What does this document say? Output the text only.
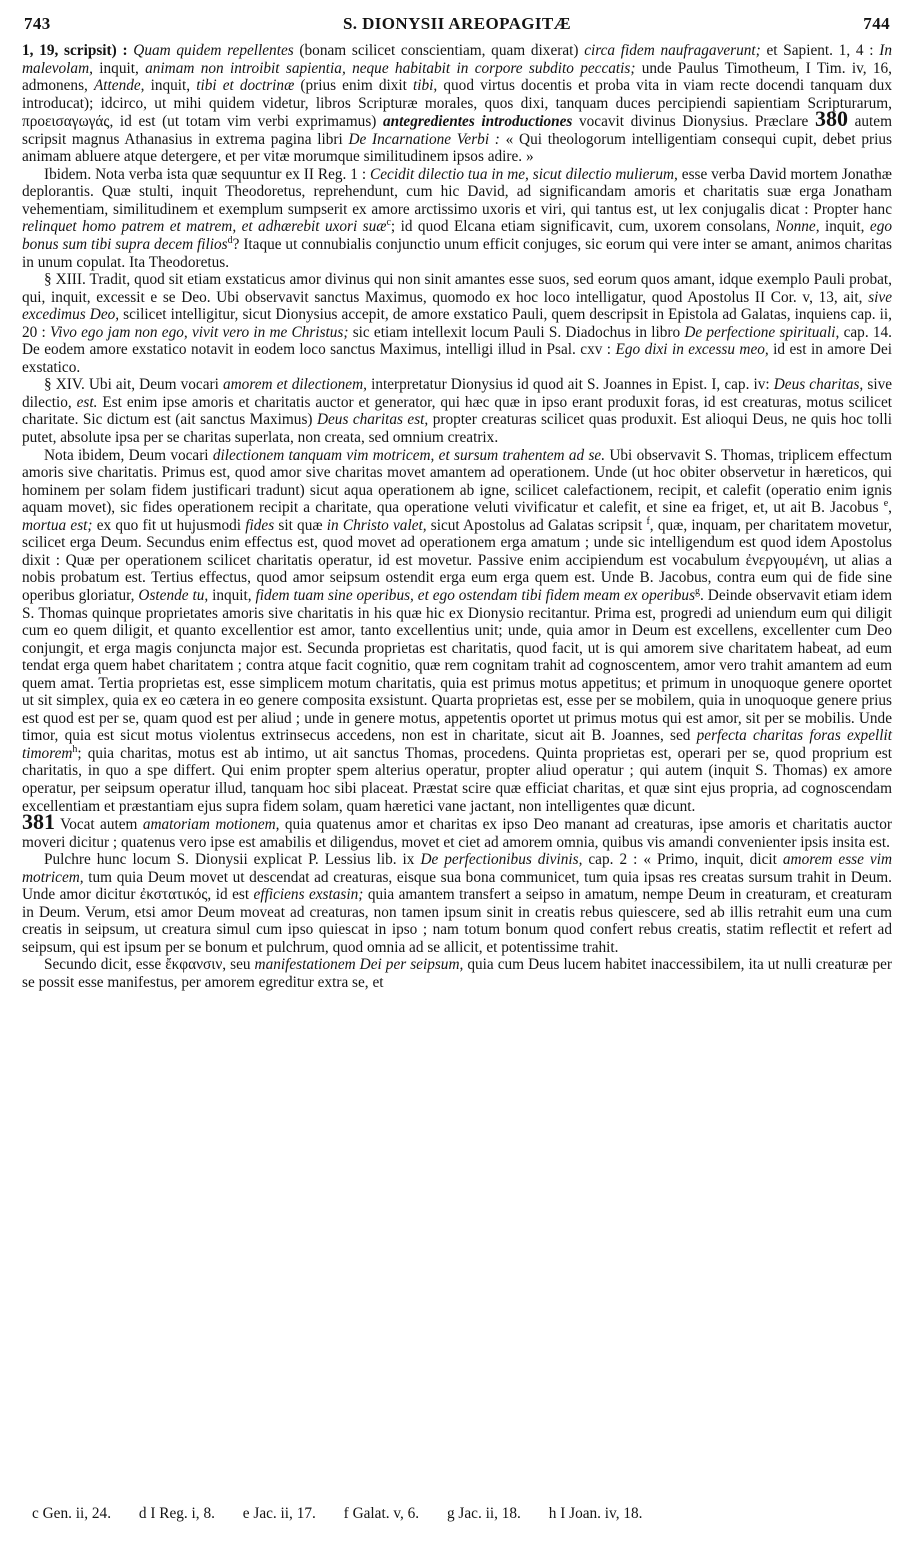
743	S. DIONYSII AREOPAGITÆ	744

1, 19, scripsit) : Quam quidem repellentes (bonam scilicet conscientiam, quam dixerat) circa fidem naufragaverunt; et Sapient. 1, 4 : In malevolam, inquit, animam non introibit sapientia, neque habitabit in corpore subdito peccatis; unde Paulus Timotheum, I Tim. iv, 16, admonens, Attende, inquit, tibi et doctrinæ (prius enim dixit tibi, quod virtus docentis et proba vita in viam recte docendi tanquam dux introducat); idcirco, ut mihi quidem videtur, libros Scripturæ morales, quos dixi, tanquam duces percipiendi sapientiam Scripturarum, προεισαγωγάς, id est (ut totam vim verbi exprimamus) antegredientes introductiones vocavit divinus Dionysius. Præclare 380 autem scripsit magnus Athanasius in extrema pagina libri De Incarnatione Verbi : « Qui theologorum intelligentiam consequi cupit, debet prius animam abluere atque detergere, et per vitæ morumque similitudinem ipsos adire. »

Ibidem. Nota verba ista quæ sequuntur ex II Reg. 1 : Cecidit dilectio tua in me, sicut dilectio mulierum, esse verba David mortem Jonathæ deplorantis. Quæ stulti, inquit Theodoretus, reprehendunt, cum hic David, ad significandam amoris et charitatis suæ erga Jonatham vehementiam, similitudinem et exemplum sumpserit ex amore arctissimo uxoris et viri, qui tantus est, ut lex conjugalis dicat : Propter hanc relinquet homo patrem et matrem, et adhærebit uxori suæ$^c$; id quod Elcana etiam significavit, cum, uxorem consolans, Nonne, inquit, ego bonus sum tibi supra decem filios$^d$? Itaque ut connubialis conjunctio unum efficit conjuges, sic eorum qui vere inter se amant, animos charitas in unum copulat. Ita Theodoretus.

§ XIII. Tradit, quod sit etiam exstaticus amor divinus qui non sinit amantes esse suos, sed eorum quos amant, idque exemplo Pauli probat, qui, inquit, excessit e se Deo. Ubi observavit sanctus Maximus, quomodo ex hoc loco intelligatur, quod Apostolus II Cor. v, 13, ait, sive excedimus Deo, scilicet intelligitur, sicut Dionysius accepit, de amore exstatico Pauli, quem descripsit in Epistola ad Galatas, inquiens cap. ii, 20 : Vivo ego jam non ego, vivit vero in me Christus; sic etiam intellexit locum Pauli S. Diadochus in libro De perfectione spirituali, cap. 14. De eodem amore exstatico notavit in eodem loco sanctus Maximus, intelligi illud in Psal. cxv : Ego dixi in excessu meo, id est in amore Dei exstatico.

§ XIV. Ubi ait, Deum vocari amorem et dilectionem, interpretatur Dionysius id quod ait S. Joannes in Epist. I, cap. iv: Deus charitas, sive dilectio, est. Est enim ipse amoris et charitatis auctor et generator, qui hæc quæ in ipso erant produxit foras, id est creaturas, motus scilicet charitate. Sic dictum est (ait sanctus Maximus) Deus charitas est, propter creaturas scilicet quas produxit. Est alioqui Deus, ne quis hoc tolli putet, absolute ipsa per se charitas superlata, non creata, sed omnium creatrix.

Nota ibidem, Deum vocari dilectionem tanquam vim motricem, et sursum trahentem ad se. Ubi observavit S. Thomas, triplicem effectum amoris sive charitatis. Primus est, quod amor sive charitas movet amantem ad operationem. Unde (ut hoc obiter observetur in hæreticos, qui hominem per solam fidem justificari tradunt) sicut aqua operationem ab igne, scilicet calefactionem, recipit, et calefit (operatio enim ignis aquam movet), sic fides operationem recipit a charitate, qua operatione veluti vivificatur et calefit, et sine ea friget, et, ut ait B. Jacobus $^e$, mortua est; ex quo fit ut hujusmodi fides sit quæ in Christo valet, sicut Apostolus ad Galatas scripsit $^f$, quæ, inquam, per charitatem movetur, scilicet erga Deum. Secundus enim effectus est, quod movet ad operationem erga amatum ; unde sic intelligendum est quod idem Apostolus dixit : Quæ per operationem scilicet charitatis operatur, id est movetur. Passive enim accipiendum est vocabulum ἐνεργουμένη, ut alias a nobis probatum est. Tertius effectus, quod amor seipsum ostendit erga eum erga quem est. Unde B. Jacobus, contra eum qui de fide sine operibus gloriatur, Ostende tu, inquit, fidem tuam sine operibus, et ego ostendam tibi fidem meam ex operibus$^g$. Deinde observavit etiam idem S. Thomas quinque proprietates amoris sive charitatis in his quæ hic ex Dionysio recitantur. Prima est, progredi ad uniendum eum qui diligit cum eo quem diligit, et quanto excellentior est amor, tanto excellentius unit; unde, quia amor in Deum est excellens, excellenter cum Deo conjungit, et erga magis conjuncta major est. Secunda proprietas est charitatis, quod facit, ut is qui amorem sive charitatem habeat, ad eum tendat erga quem habet charitatem ; contra atque facit cognitio, quæ rem cognitam trahit ad cognoscentem, amor vero trahit amantem ad eum quem amat. Tertia proprietas est, esse simplicem motum charitatis, quia est primus motus appetitus; et primum in unoquoque genere oportet ut sit simplex, quia ex eo cætera in eo genere composita exsistunt. Quarta proprietas est, esse per se mobilem, quia in unoquoque genere prius est quod est per se, quam quod est per aliud ; unde in genere motus, appetentis oportet ut primus motus qui est amor, sit per se mobilis. Unde timor, quia est sicut motus violentus extrinsecus accedens, non est in charitate, sicut ait B. Joannes, sed perfecta charitas foras expellit timorem$^h$; quia charitas, motus est ab intimo, ut ait sanctus Thomas, procedens. Quinta proprietas est, operari per se, quod proprium est charitatis, in quo a spe differt. Qui enim propter spem alterius operatur, propter aliud operatur ; qui autem (inquit S. Thomas) ex amore operatur, per seipsum operatur illud, tanquam hoc sibi placeat. Præstat scire quæ efficiat charitas, et quæ sint ejus propria, ad cognoscendam excellentiam et præstantiam ejus supra fidem solam, quam hæretici vane jactant, non intelligentes quæ dicunt.

381 Vocat autem amatoriam motionem, quia quatenus amor et charitas ex ipso Deo manant ad creaturas, ipse amoris et charitatis auctor moveri dicitur ; quatenus vero ipse est amabilis et diligendus, movet et ciet ad amorem omnia, quibus vis amandi convenienter ipsis insita est.

Pulchre hunc locum S. Dionysii explicat P. Lessius lib. ix De perfectionibus divinis, cap. 2 : « Primo, inquit, dicit amorem esse vim motricem, tum quia Deum movet ut descendat ad creaturas, eisque sua bona communicet, tum quia ipsas res creatas sursum trahit in Deum. Unde amor dicitur ἐκστατικός, id est efficiens exstasin; quia amantem transfert a seipso in amatum, nempe Deum in creaturam, et creaturam in Deum. Verum, etsi amor Deum moveat ad creaturas, non tamen ipsum sinit in creatis rebus quiescere, sed ab illis retrahit eum una cum creatis in seipsum, ut creatura simul cum ipso quiescat in ipso ; nam totum bonum quod confert rebus creatis, statim reflectit et refert ad seipsum, qui est ipsum per se bonum et pulchrum, quod omnia ad se allicit, et potentissime trahit.

Secundo dicit, esse ἔκφανσιν, seu manifestationem Dei per seipsum, quia cum Deus lucem habitet inaccessibilem, ita ut nulli creaturæ per se possit esse manifestus, per amorem egreditur extra se, et

c Gen. ii, 24. d I Reg. i, 8. e Jac. ii, 17. f Galat. v, 6. g Jac. ii, 18. h I Joan. iv, 18.
